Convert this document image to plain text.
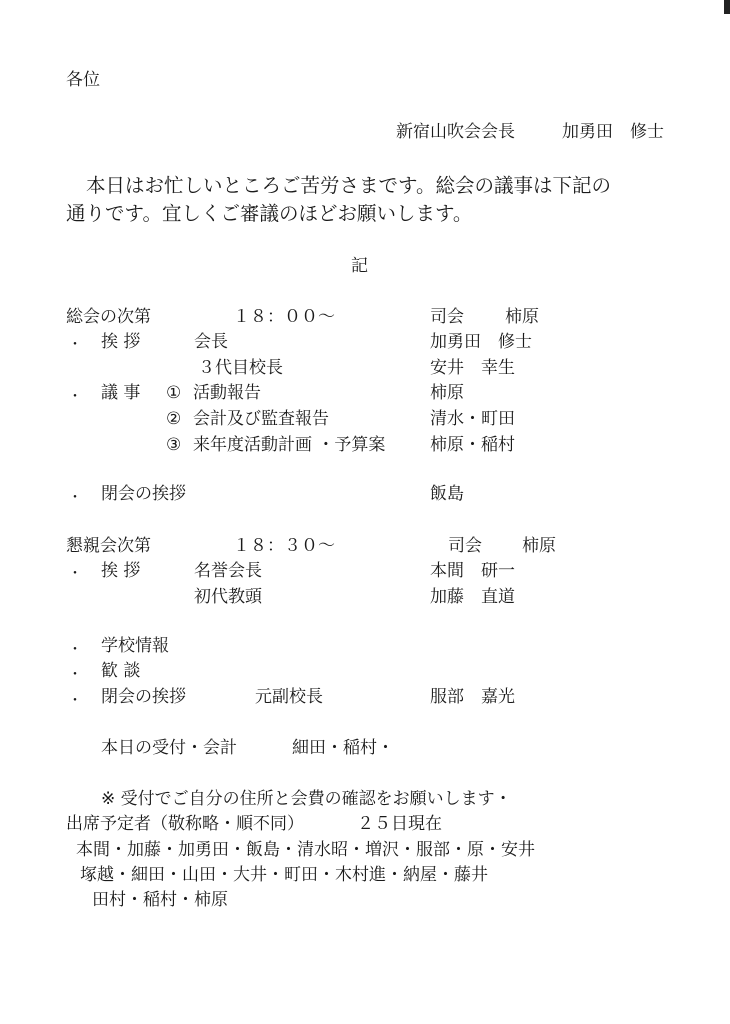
各位
新宿山吹会会長	加勇田　修士
本日はお忙しいところご苦労さまです。総会の議事は下記の
通りです。宜しくご審議のほどお願いします。
記
総会の次第	１８：００～	司会 柿原
・ 挨 拶	会長	加勇田　修士
３代目校長	安井　幸生
・ 議 事 ① 活動報告	柿原
② 会計及び監査報告	清水・町田
③ 来年度活動計画 ・予算案	柿原・稲村
・ 閉会の挨拶	飯島
懇親会次第	１８：３０～	司会 柿原
・ 挨 拶	名誉会長	本間　研一
初代教頭	加藤　直道
・ 学校情報
・ 歓 談
・ 閉会の挨拶	元副校長	服部　嘉光
本日の受付・会計	細田・稲村・
※ 受付でご自分の住所と会費の確認をお願いします・
出席予定者（敬称略・順不同）	２５日現在
本間・加藤・加勇田・飯島・清水昭・増沢・服部・原・安井
塚越・細田・山田・大井・町田・木村進・納屋・藤井
田村・稲村・柿原
